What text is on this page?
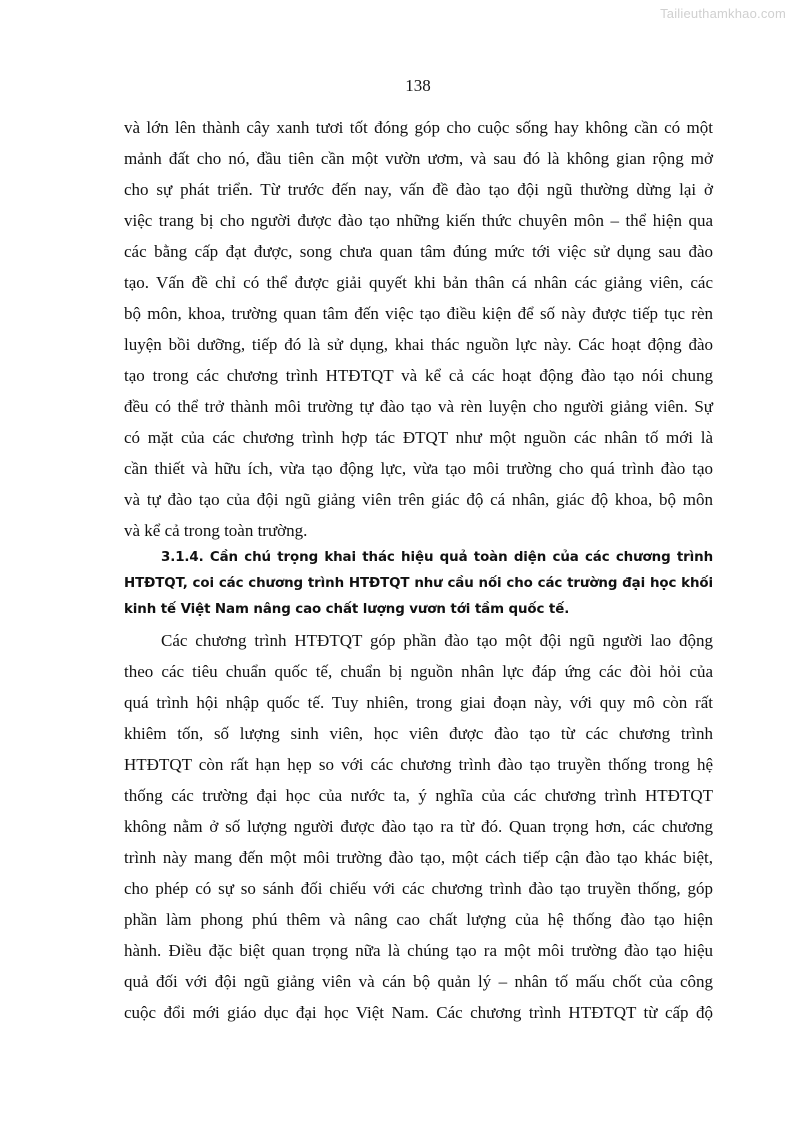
Tailieuthamkhao.com
138
và lớn lên thành cây xanh tươi tốt đóng góp cho cuộc sống hay không cần có một
mảnh đất cho nó, đầu tiên cần một vườn ươm, và sau đó là không gian rộng mở
cho sự phát triển. Từ trước đến nay, vấn đề đào tạo đội ngũ thường dừng lại ở
việc trang bị cho người được đào tạo những kiến thức chuyên môn – thể hiện qua
các bằng cấp đạt được, song chưa quan tâm đúng mức tới việc sử dụng sau đào
tạo. Vấn đề chỉ có thể được giải quyết khi bản thân cá nhân các giảng viên, các
bộ môn, khoa, trường quan tâm đến việc tạo điều kiện để số này được tiếp tục rèn
luyện bồi dưỡng, tiếp đó là sử dụng, khai thác nguồn lực này. Các hoạt động đào
tạo trong các chương trình HTĐTQT và kể cả các hoạt động đào tạo nói chung
đều có thể trở thành môi trường tự đào tạo và rèn luyện cho người giảng viên. Sự
có mặt của các chương trình hợp tác ĐTQT như một nguồn các nhân tố mới là
cần thiết và hữu ích, vừa tạo động lực, vừa tạo môi trường cho quá trình đào tạo
và tự đào tạo của đội ngũ giảng viên trên giác độ cá nhân, giác độ khoa, bộ môn
và kể cả trong toàn trường.
3.1.4. Cần chú trọng khai thác hiệu quả toàn diện của các chương trình
HTĐTQT, coi các chương trình HTĐTQT như cầu nối cho các trường đại học khối
kinh tế Việt Nam nâng cao chất lượng vươn tới tầm quốc tế.
Các chương trình HTĐTQT góp phần đào tạo một đội ngũ người lao động
theo các tiêu chuẩn quốc tế, chuẩn bị nguồn nhân lực đáp ứng các đòi hỏi của
quá trình hội nhập quốc tế. Tuy nhiên, trong giai đoạn này, với quy mô còn rất
khiêm tốn, số lượng sinh viên, học viên được đào tạo từ các chương trình
HTĐTQT còn rất hạn hẹp so với các chương trình đào tạo truyền thống trong hệ
thống các trường đại học của nước ta, ý nghĩa của các chương trình HTĐTQT
không nằm ở số lượng người được đào tạo ra từ đó. Quan trọng hơn, các chương
trình này mang đến một môi trường đào tạo, một cách tiếp cận đào tạo khác biệt,
cho phép có sự so sánh đối chiếu với các chương trình đào tạo truyền thống, góp
phần làm phong phú thêm và nâng cao chất lượng của hệ thống đào tạo hiện
hành. Điều đặc biệt quan trọng nữa là chúng tạo ra một môi trường đào tạo hiệu
quả đối với đội ngũ giảng viên và cán bộ quản lý – nhân tố mấu chốt của công
cuộc đổi mới giáo dục đại học Việt Nam. Các chương trình HTĐTQT từ cấp độ
